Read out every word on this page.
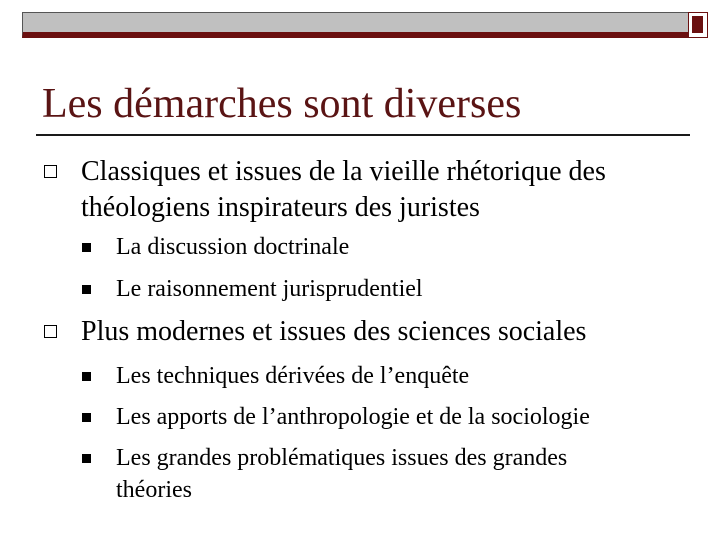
Les démarches sont diverses
Classiques et issues de la vieille rhétorique des
théologiens inspirateurs des juristes
La discussion doctrinale
Le raisonnement jurisprudentiel
Plus modernes et issues des sciences sociales
Les techniques dérivées de l’enquête
Les apports de l’anthropologie et de la sociologie
Les grandes problématiques issues des grandes
théories
